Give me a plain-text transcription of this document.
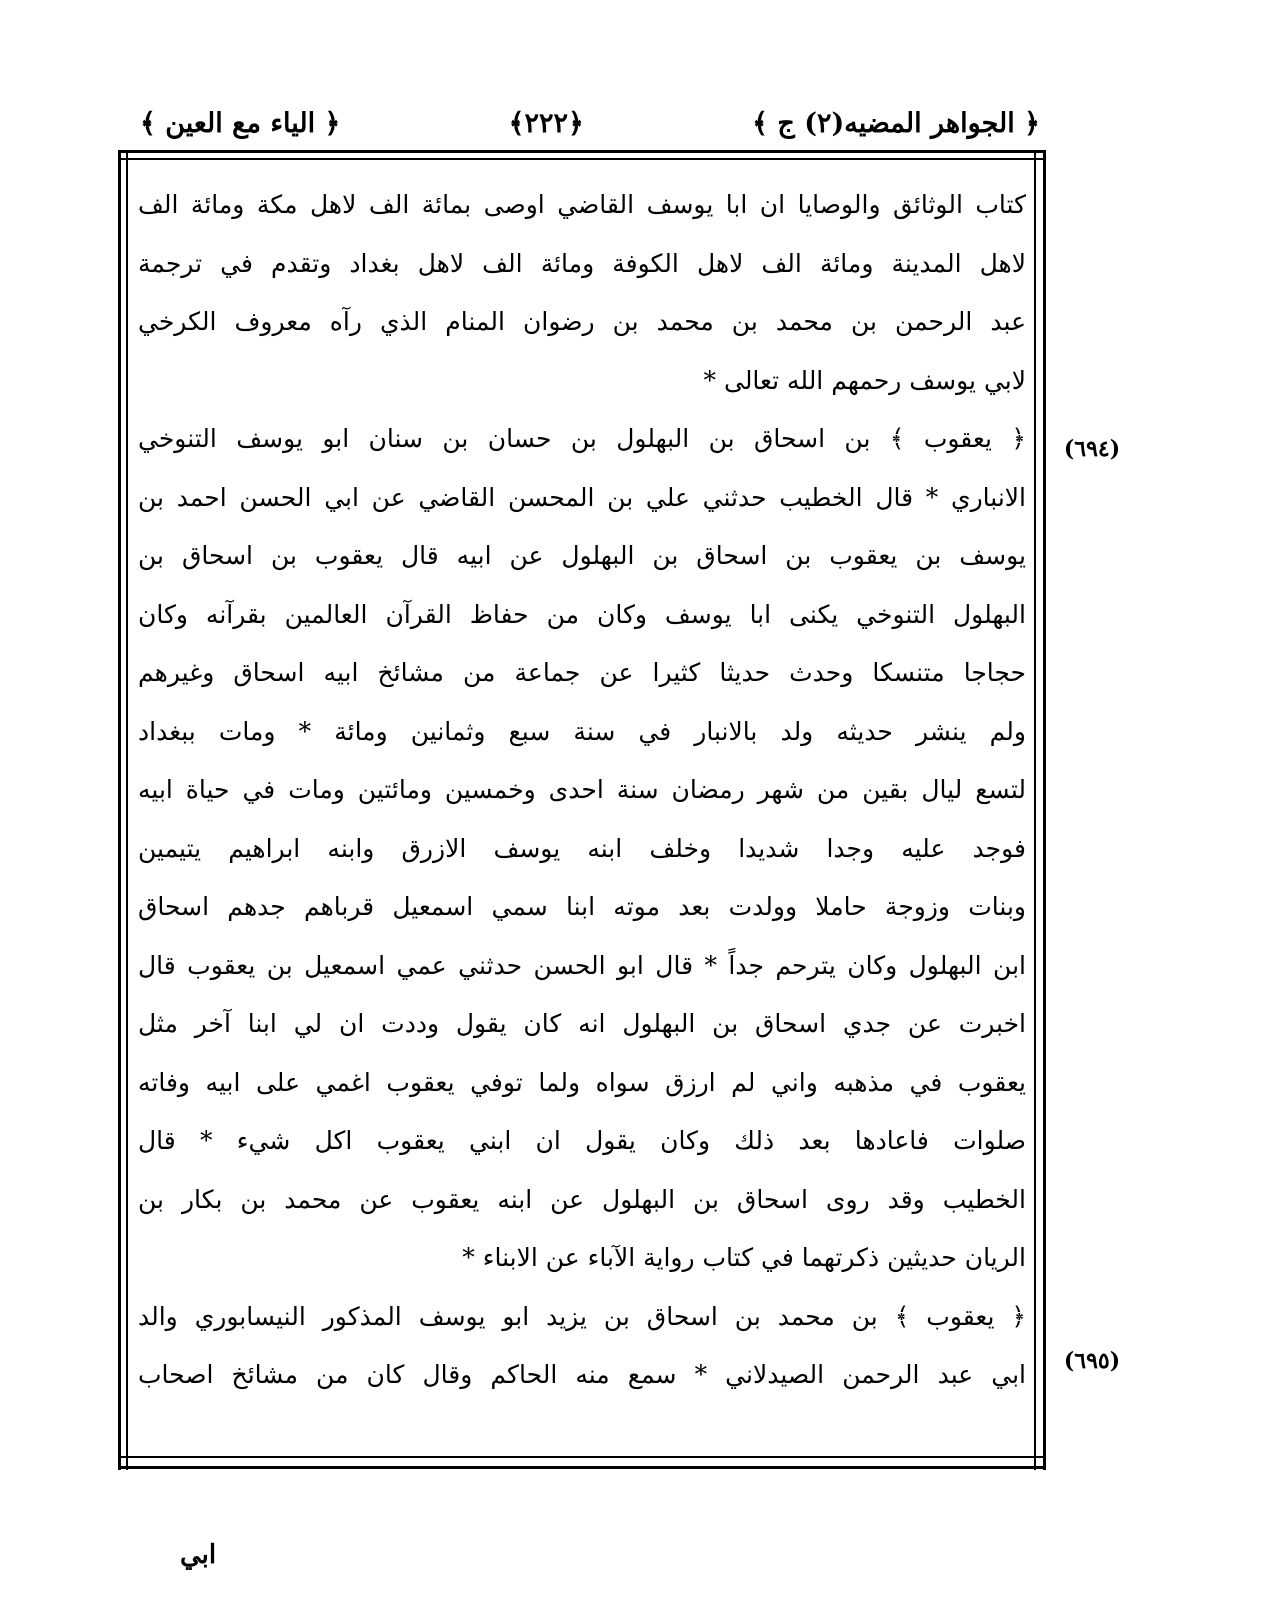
﴿ الجواهر المضيه(٢) ج ﴾
﴿٢٢٢﴾
﴿ الياء مع العين ﴾
(٦٩٤)
(٦٩٥)
كتاب الوثائق والوصايا ان ابا يوسف القاضي اوصى بمائة الف لاهل مكة ومائة الف
لاهل المدينة ومائة الف لاهل الكوفة ومائة الف لاهل بغداد وتقدم في ترجمة
عبد الرحمن بن محمد بن محمد بن رضوان المنام الذي رآه معروف الكرخي
لابي يوسف رحمهم الله تعالى *
﴿ يعقوب ﴾ بن اسحاق بن البهلول بن حسان بن سنان ابو يوسف التنوخي
الانباري * قال الخطيب حدثني علي بن المحسن القاضي عن ابي الحسن احمد بن
يوسف بن يعقوب بن اسحاق بن البهلول عن ابيه قال يعقوب بن اسحاق بن
البهلول التنوخي يكنى ابا يوسف وكان من حفاظ القرآن العالمين بقرآنه وكان
حجاجا متنسكا وحدث حديثا كثيرا عن جماعة من مشائخ ابيه اسحاق وغيرهم
ولم ينشر حديثه ولد بالانبار في سنة سبع وثمانين ومائة * ومات ببغداد
لتسع ليال بقين من شهر رمضان سنة احدى وخمسين ومائتين ومات في حياة ابيه
فوجد عليه وجدا شديدا وخلف ابنه يوسف الازرق وابنه ابراهيم يتيمين
وبنات وزوجة حاملا وولدت بعد موته ابنا سمي اسمعيل قرباهم جدهم اسحاق
ابن البهلول وكان يترحم جداً * قال ابو الحسن حدثني عمي اسمعيل بن يعقوب قال
اخبرت عن جدي اسحاق بن البهلول انه كان يقول وددت ان لي ابنا آخر مثل
يعقوب في مذهبه واني لم ارزق سواه ولما توفي يعقوب اغمي على ابيه وفاته
صلوات فاعادها بعد ذلك وكان يقول ان ابني يعقوب اكل شيء * قال
الخطيب وقد روى اسحاق بن البهلول عن ابنه يعقوب عن محمد بن بكار بن
الريان حديثين ذكرتهما في كتاب رواية الآباء عن الابناء *
﴿ يعقوب ﴾ بن محمد بن اسحاق بن يزيد ابو يوسف المذكور النيسابوري والد
ابي عبد الرحمن الصيدلاني * سمع منه الحاكم وقال كان من مشائخ اصحاب
ابي
